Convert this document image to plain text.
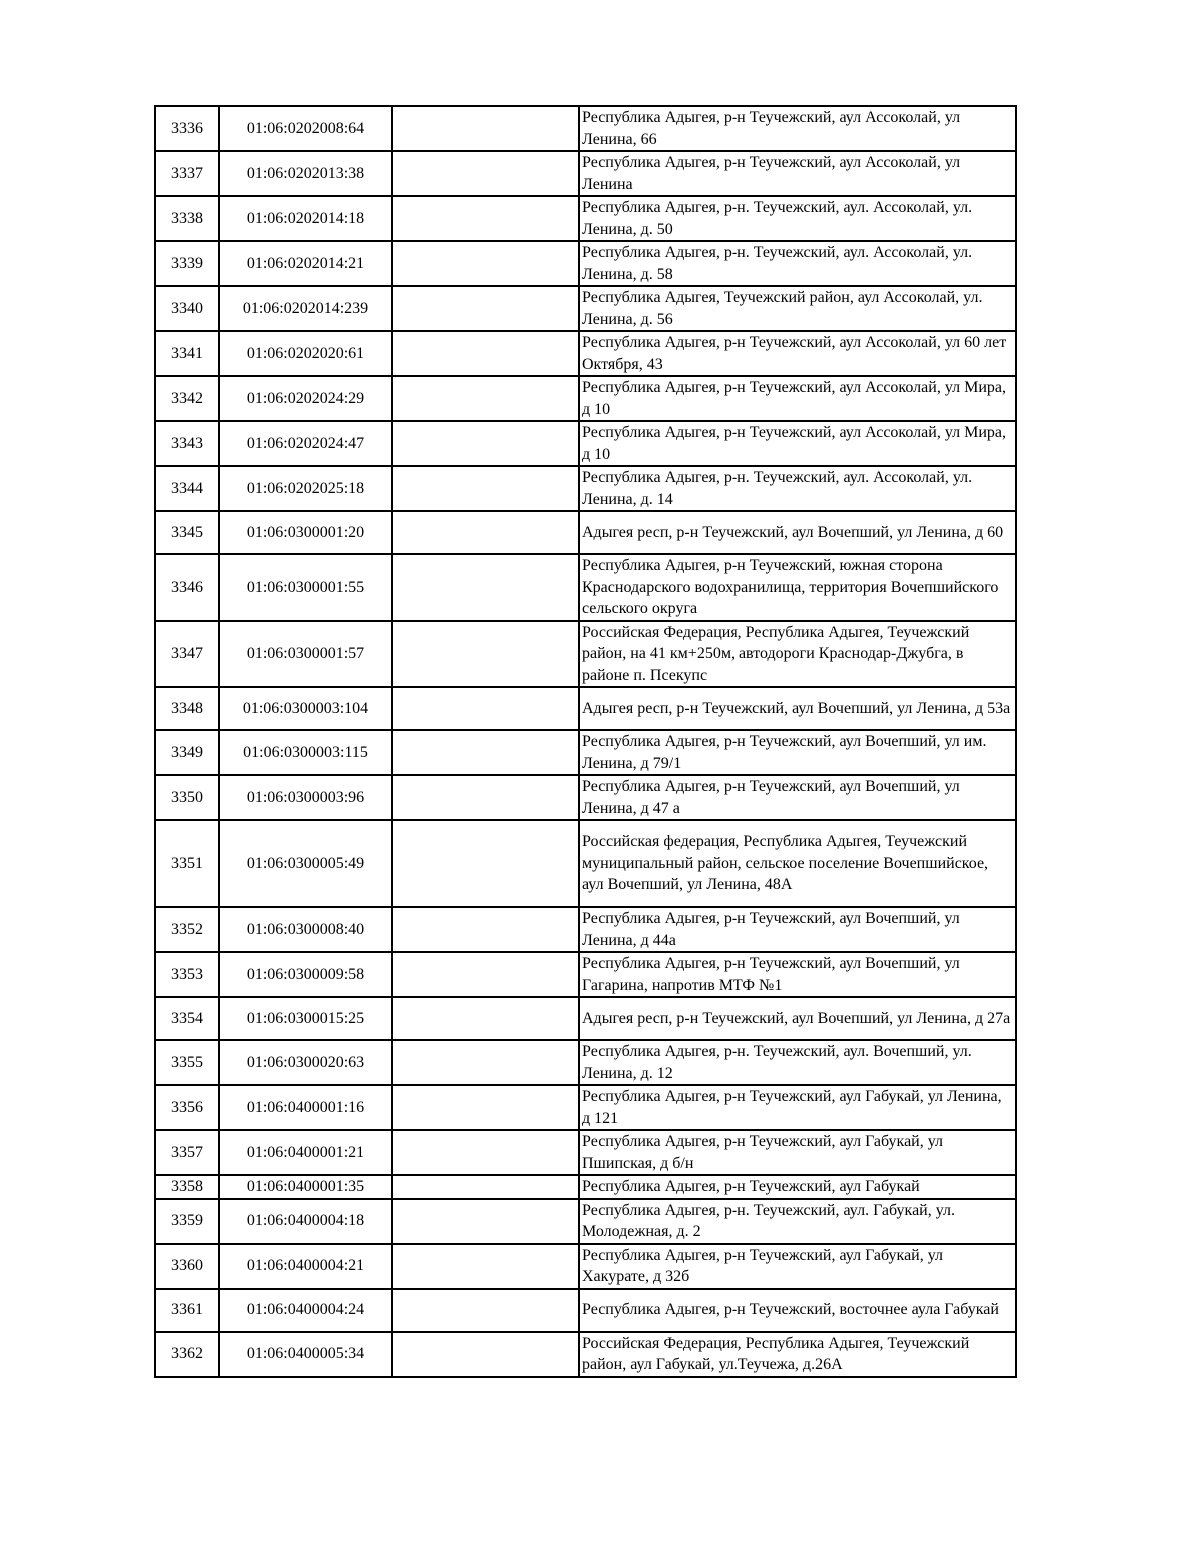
3336	01:06:0202008:64		Республика Адыгея, р-н Теучежский, аул Ассоколай, ул Ленина, 66
3337	01:06:0202013:38		Республика Адыгея, р-н Теучежский, аул Ассоколай, ул Ленина
3338	01:06:0202014:18		Республика Адыгея, р-н. Теучежский, аул. Ассоколай, ул. Ленина, д. 50
3339	01:06:0202014:21		Республика Адыгея, р-н. Теучежский, аул. Ассоколай, ул. Ленина, д. 58
3340	01:06:0202014:239		Республика Адыгея, Теучежский район, аул Ассоколай, ул. Ленина, д. 56
3341	01:06:0202020:61		Республика Адыгея, р-н Теучежский, аул Ассоколай, ул 60 лет Октября, 43
3342	01:06:0202024:29		Республика Адыгея, р-н Теучежский, аул Ассоколай, ул Мира, д 10
3343	01:06:0202024:47		Республика Адыгея, р-н Теучежский, аул Ассоколай, ул Мира, д 10
3344	01:06:0202025:18		Республика Адыгея, р-н. Теучежский, аул. Ассоколай, ул. Ленина, д. 14
3345	01:06:0300001:20		Адыгея респ, р-н Теучежский, аул Вочепший, ул Ленина, д 60
3346	01:06:0300001:55		Республика Адыгея, р-н Теучежский, южная сторона Краснодарского водохранилища, территория Вочепшийского сельского округа
3347	01:06:0300001:57		Российская Федерация, Республика Адыгея, Теучежский район, на 41 км+250м, автодороги Краснодар-Джубга, в районе п. Псекупс
3348	01:06:0300003:104		Адыгея респ, р-н Теучежский, аул Вочепший, ул Ленина, д 53а
3349	01:06:0300003:115		Республика Адыгея, р-н Теучежский, аул Вочепший, ул им. Ленина, д 79/1
3350	01:06:0300003:96		Республика Адыгея, р-н Теучежский, аул Вочепший, ул Ленина, д 47 а
3351	01:06:0300005:49		Российская федерация, Республика Адыгея, Теучежский муниципальный район, сельское поселение Вочепшийское, аул Вочепший, ул Ленина, 48А
3352	01:06:0300008:40		Республика Адыгея, р-н Теучежский, аул Вочепший, ул Ленина, д 44а
3353	01:06:0300009:58		Республика Адыгея, р-н Теучежский, аул Вочепший, ул Гагарина, напротив МТФ №1
3354	01:06:0300015:25		Адыгея респ, р-н Теучежский, аул Вочепший, ул Ленина, д 27а
3355	01:06:0300020:63		Республика Адыгея, р-н. Теучежский, аул. Вочепший, ул. Ленина, д. 12
3356	01:06:0400001:16		Республика Адыгея, р-н Теучежский, аул Габукай, ул Ленина, д 121
3357	01:06:0400001:21		Республика Адыгея, р-н Теучежский, аул Габукай, ул Пшипская, д б/н
3358	01:06:0400001:35		Республика Адыгея, р-н Теучежский, аул Габукай
3359	01:06:0400004:18		Республика Адыгея, р-н. Теучежский, аул. Габукай, ул. Молодежная, д. 2
3360	01:06:0400004:21		Республика Адыгея, р-н Теучежский, аул Габукай, ул Хакурате, д 32б
3361	01:06:0400004:24		Республика Адыгея, р-н Теучежский, восточнее аула Габукай
3362	01:06:0400005:34		Российская Федерация, Республика Адыгея, Теучежский район, аул Габукай, ул.Теучежа, д.26А
